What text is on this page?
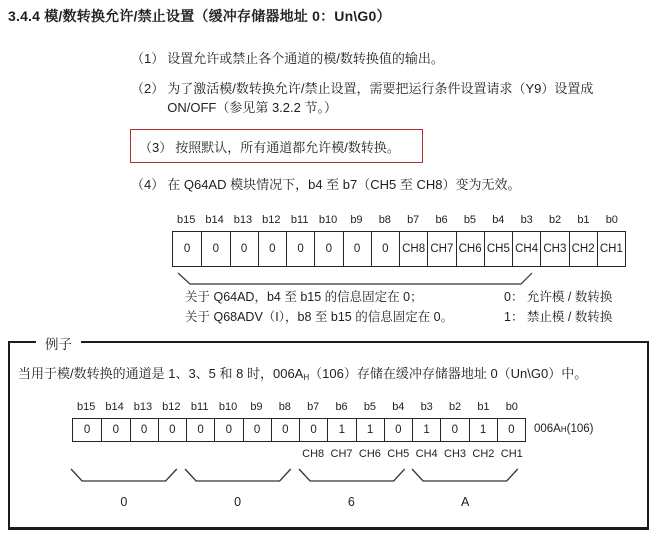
3.4.4 模/数转换允许/禁止设置（缓冲存储器地址 0：Un\G0）
（1） 设置允许或禁止各个通道的模/数转换值的输出。
（2） 为了激活模/数转换允许/禁止设置，需要把运行条件设置请求（Y9）设置成
ON/OFF（参见第 3.2.2 节。）
（3） 按照默认，所有通道都允许模/数转换。
（4） 在 Q64AD 模块情况下，b4 至 b7（CH5 至 CH8）变为无效。
b15 b14 b13 b12 b11 b10	b9	b8	b7	b6	b5	b4	b3	b2	b1	b0
0	0	0	0	0	0	0	0	CH8 CH7 CH6 CH5 CH4 CH3 CH2 CH1
关于 Q64AD，b4 至 b15 的信息固定在 0；
关于 Q68ADV（I），b8 至 b15 的信息固定在 0。
0： 允许模 / 数转换
1： 禁止模 / 数转换
例子
当用于模/数转换的通道是 1、3、5 和 8 时，$006A_H(106)$存储在缓冲存储器地址 0（Un\G0）中。
b15 b14 b13 b12 b11 b10	b9	b8	b7	b6	b5	b4	b3	b2	b1	b0
0	0	0	0	0	0	0	0	0	1	1	0	1	0	1	0	006A H (106)
CH8 CH7 CH6 CH5 CH4 CH3 CH2 CH1
0	0	6	A
